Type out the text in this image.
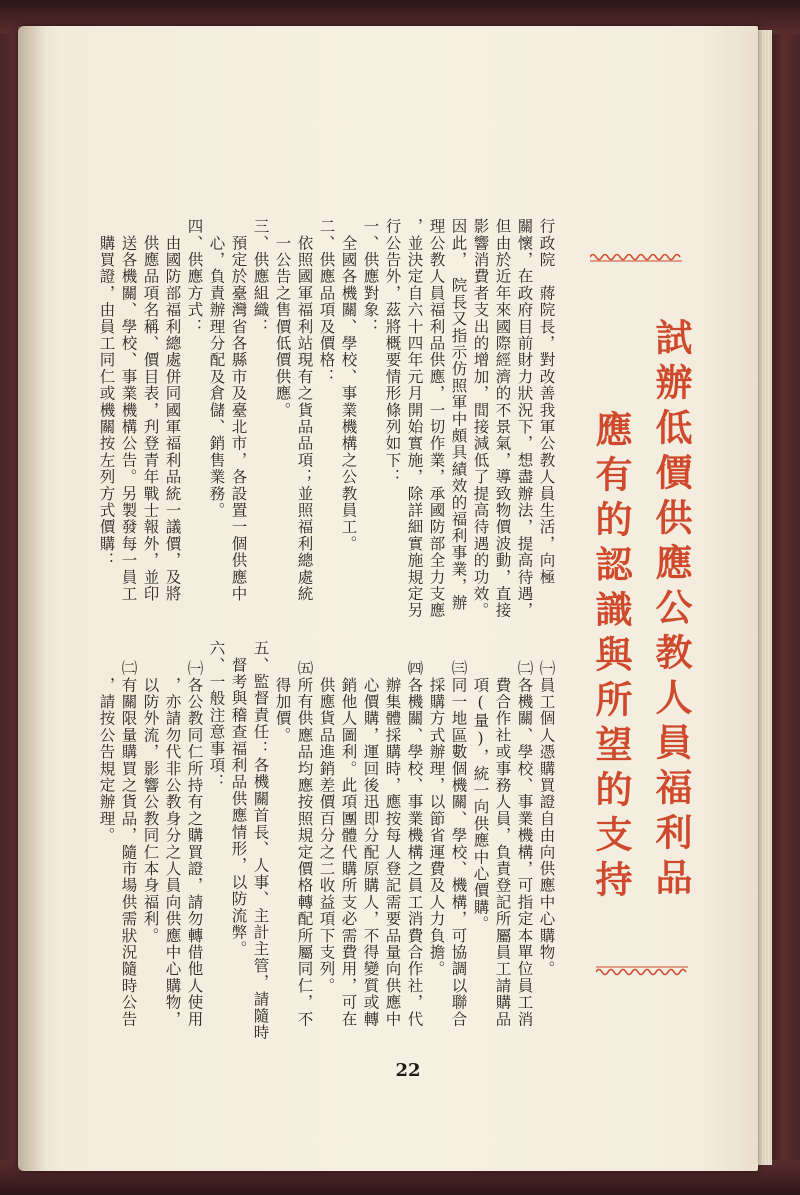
試辦低價供應公教人員福利品
應有的認識與所望的支持
行政院　蔣院長，對改善我軍公教人員生活，向極
關懷，在政府目前財力狀況下，想盡辦法，提高待遇，
但由於近年來國際經濟的不景氣，導致物價波動，直接
影響消費者支出的增加，間接減低了提高待遇的功效。
因此，　院長又指示仿照軍中頗具績效的福利事業，辦
理公教人員福利品供應，一切作業，承國防部全力支應
，並決定自六十四年元月開始實施，除詳細實施規定另
行公告外，茲將概要情形條列如下：
一、供應對象：
　全國各機關、學校、事業機構之公教員工。
二、供應品項及價格：
　依照國軍福利站現有之貨品品項；並照福利總處統
　一公告之售價低價供應。
三、供應組織：
　預定於臺灣省各縣市及臺北市，各設置一個供應中
　心，負責辦理分配及倉儲、銷售業務。
四、供應方式：
　由國防部福利總處併同國軍福利品統一議價，及將
　供應品項名稱、價目表，刋登青年戰士報外，並印
　送各機關、學校、事業機構公告。另製發每一員工
　購買證，由員工同仁或機關按左列方式價購：
㈠員工個人憑購買證自由向供應中心購物。
㈡各機關、學校、事業機構，可指定本單位員工消
　費合作社或事務人員，負責登記所屬員工請購品
　項(量)，統一向供應中心價購。
㈢同一地區數個機關、學校、機構，可協調以聯合
　採購方式辦理，以節省運費及人力負擔。
㈣各機關、學校、事業機構之員工消費合作社，代
　辦集體採購時，應按每人登記需要品量向供應中
　心價購，運回後迅即分配原購人，不得變質或轉
　銷他人圖利。此項團體代購所支必需費用，可在
　供應貨品進銷差價百分之二收益項下支列。
㈤所有供應品均應按照規定價格轉配所屬同仁，不
　得加價。
五、監督責任：各機關首長、人事、主計主管，請隨時
　督考與稽查福利品供應情形，以防流弊。
六、一般注意事項：
㈠各公教同仁所持有之購買證，請勿轉借他人使用
　，亦請勿代非公教身分之人員向供應中心購物，
　以防外流，影響公教同仁本身福利。
㈡有關限量購買之貨品，隨市場供需狀況隨時公告
　，請按公告規定辦理。
22
